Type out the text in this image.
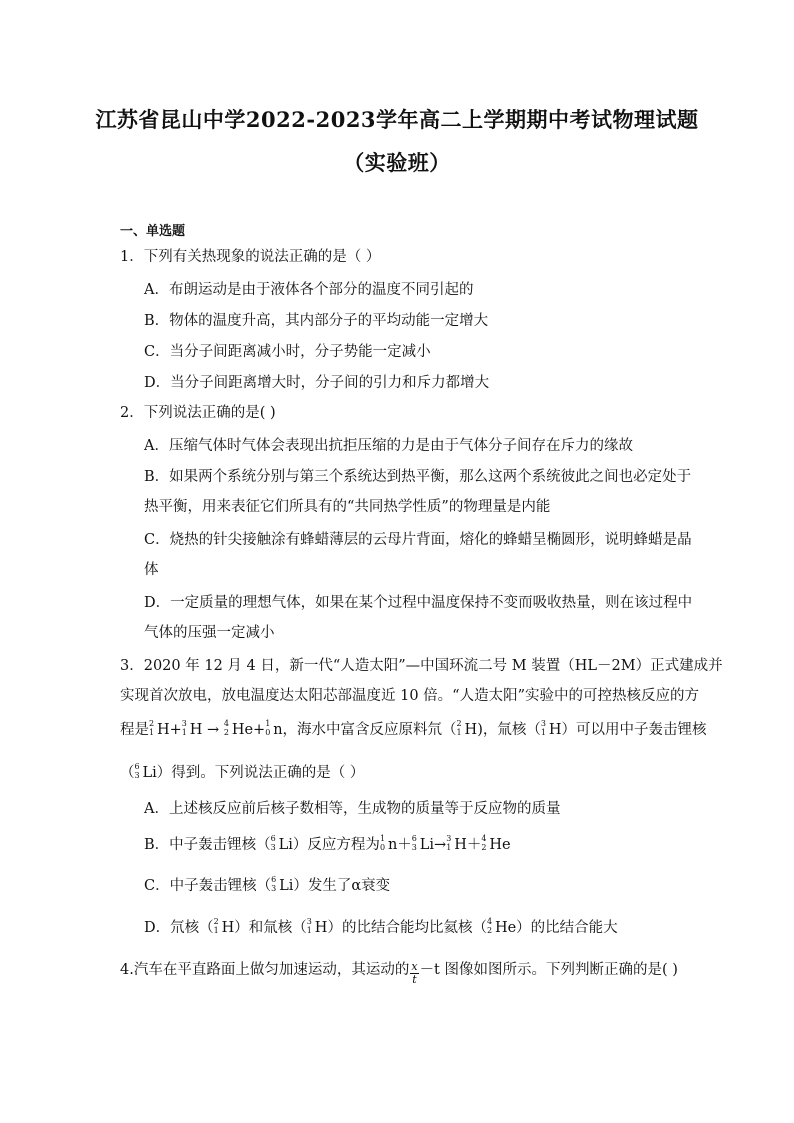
江苏省昆山中学2022-2023学年高二上学期期中考试物理试题
（实验班）
一、单选题
1．下列有关热现象的说法正确的是（ ）
A．布朗运动是由于液体各个部分的温度不同引起的
B．物体的温度升高，其内部分子的平均动能一定增大
C．当分子间距离减小时，分子势能一定减小
D．当分子间距离增大时，分子间的引力和斥力都增大
2．下列说法正确的是( )
A．压缩气体时气体会表现出抗拒压缩的力是由于气体分子间存在斥力的缘故
B．如果两个系统分别与第三个系统达到热平衡，那么这两个系统彼此之间也必定处于
热平衡，用来表征它们所具有的“共同热学性质”的物理量是内能
C．烧热的针尖接触涂有蜂蜡薄层的云母片背面，熔化的蜂蜡呈椭圆形，说明蜂蜡是晶
体
D．一定质量的理想气体，如果在某个过程中温度保持不变而吸收热量，则在该过程中
气体的压强一定减小
3．2020 年 12 月 4 日，新一代“人造太阳”—中国环流二号 M 装置（HL－2M）正式建成并
实现首次放电，放电温度达太阳芯部温度近 10 倍。“人造太阳”实验中的可控热核反应的方
程是 2
1 H+ 3
1 H → 4
2 He+ 1
0 n，海水中富含反应原料氘（ 2
1 H)，氚核（ 3
1 H）可以用中子轰击锂核
（ 6
3 Li）得到。下列说法正确的是（ ）
A．上述核反应前后核子数相等，生成物的质量等于反应物的质量
B．中子轰击锂核（ 6
3 Li）反应方程为 1
0 n＋ 6
3 Li→ 3
1 H＋ 4
2 He
C．中子轰击锂核（ 6
3 Li）发生了α衰变
D．氘核（ 2
1 H）和氚核（ 3
1 H）的比结合能均比氦核（ 4
2 He）的比结合能大
4.汽车在平直路面上做匀加速运动，其运动的 $\frac{x}{t} -t$ 图像如图所示。下列判断正确的是( )
